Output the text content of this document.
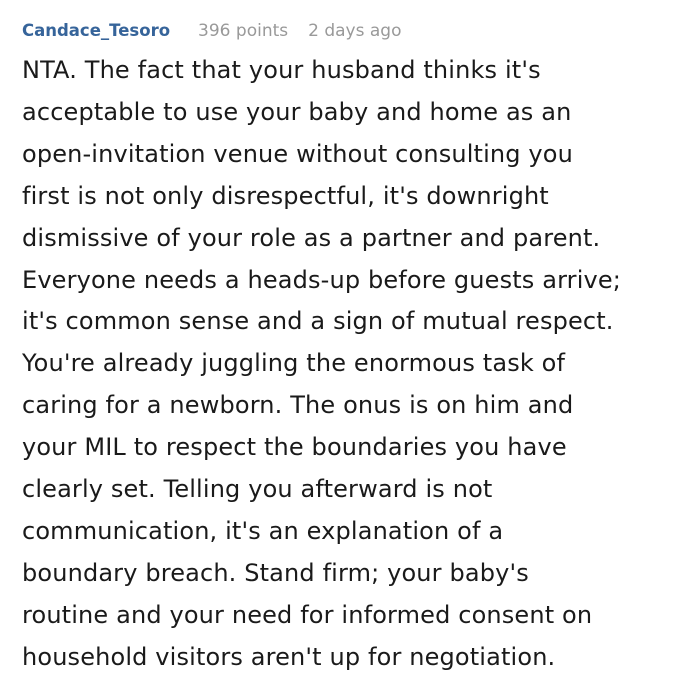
Candace_Tesoro 396 points 2 days ago
NTA. The fact that your husband thinks it's
acceptable to use your baby and home as an
open-invitation venue without consulting you
first is not only disrespectful, it's downright
dismissive of your role as a partner and parent.
Everyone needs a heads-up before guests arrive;
it's common sense and a sign of mutual respect.
You're already juggling the enormous task of
caring for a newborn. The onus is on him and
your MIL to respect the boundaries you have
clearly set. Telling you afterward is not
communication, it's an explanation of a
boundary breach. Stand firm; your baby's
routine and your need for informed consent on
household visitors aren't up for negotiation.
